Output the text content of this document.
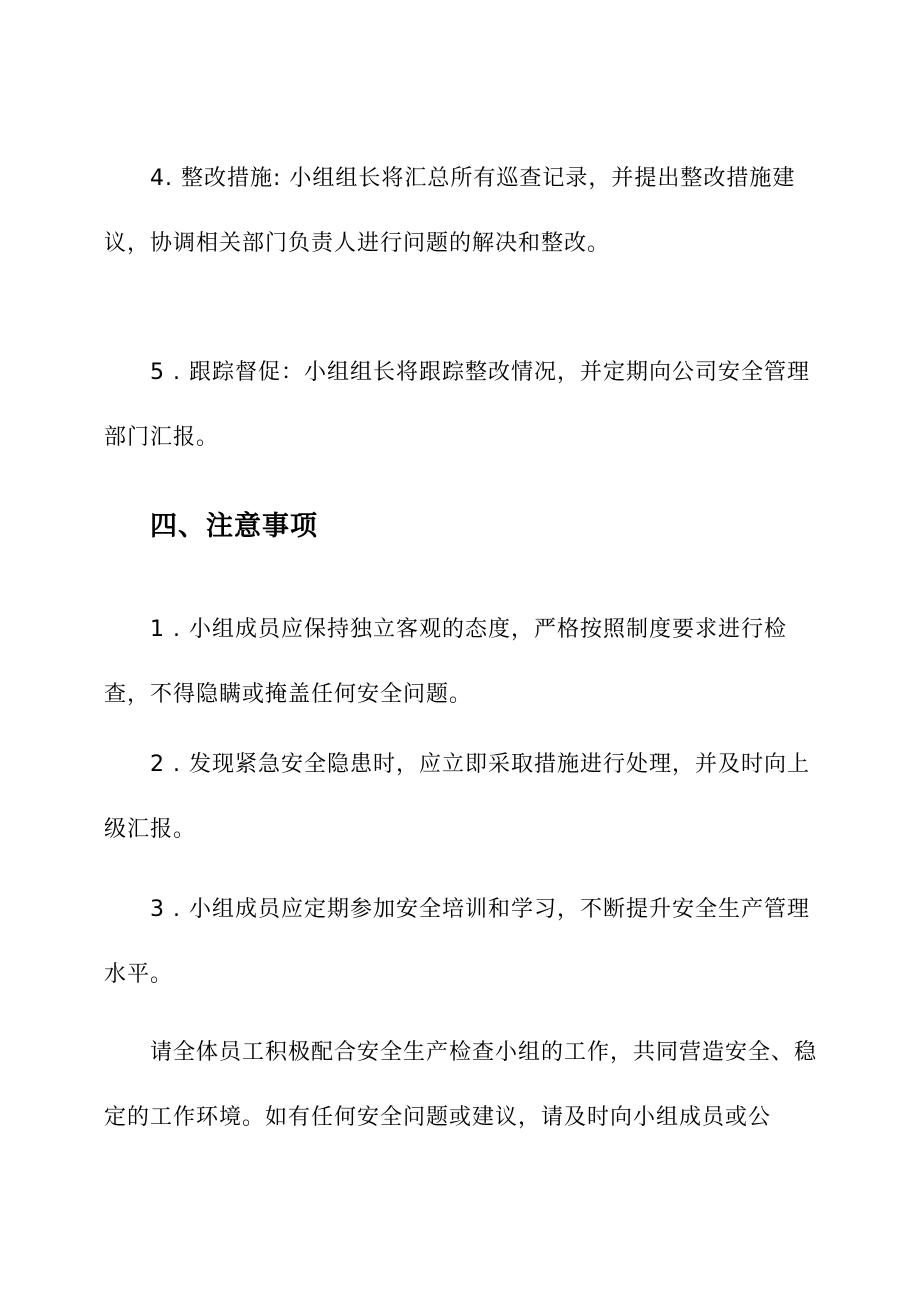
4. 整改措施: 小组组长将汇总所有巡查记录，并提出整改措施建议，协调相关部门负责人进行问题的解决和整改。

5 . 跟踪督促：小组组长将跟踪整改情况，并定期向公司安全管理部门汇报。

四、注意事项

1 . 小组成员应保持独立客观的态度，严格按照制度要求进行检查，不得隐瞒或掩盖任何安全问题。

2 . 发现紧急安全隐患时，应立即采取措施进行处理，并及时向上级汇报。

3 . 小组成员应定期参加安全培训和学习，不断提升安全生产管理水平。

请全体员工积极配合安全生产检查小组的工作，共同营造安全、稳定的工作环境。如有任何安全问题或建议，请及时向小组成员或公
